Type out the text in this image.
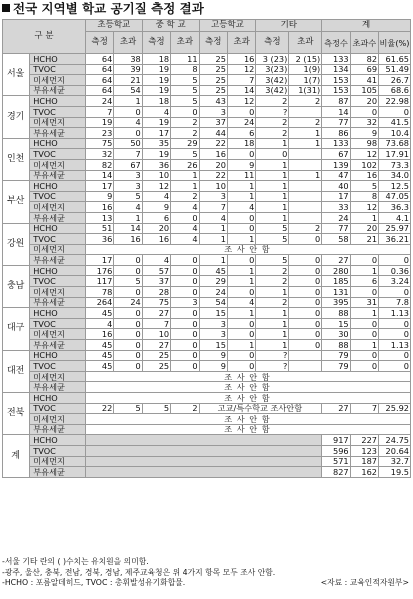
전국 지역별 학교 공기질 측정 결과
구 분		초등학교		중 학 교		고등학교		기타		계		
		측정	초과	측정	초과	측정	초과	측정	초과	측정수	초과수	비율(%)
서울	HCHO	64	38	18	11	25	16	3 (23)	2 (15)	133	82	61.65
	TVOC	64	39	19	8	25	12	3(23)	1(9)	134	69	51.49
	미세먼지	64	21	19	5	25	7	3(42)	1(7)	153	41	26.7
	부유세균	64	54	19	5	25	14	3(42)	1(31)	153	105	68.6
경기	HCHO	24	1	18	5	43	12	2	2	87	20	22.98
	TVOC	7	0	4	0	3	0	?		14	0	0
	미세먼지	19	4	19	2	37	24	2	2	77	32	41.5
	부유세균	23	0	17	2	44	6	2	1	86	9	10.4
인천	HCHO	75	50	35	29	22	18	1	1	133	98	73.68
	TVOC	32	7	19	5	16	0	0		67	12	17.91
	미세먼지	82	67	36	26	20	9	1		139	102	73.3
	부유세균	14	3	10	1	22	11	1	1	47	16	34.0
부산	HCHO	17	3	12	1	10	1	1		40	5	12.5
	TVOC	9	5	4	2	3	1	1		17	8	47.05
	미세먼지	16	4	9	4	7	4	1		33	12	36.3
	부유세균	13	1	6	0	4	0	1		24	1	4.1
강원	HCHO	51	14	20	4	1	0	5	2	77	20	25.97
	TVOC	36	16	16	4	1	1	5	0	58	21	36.21
	미세먼지	조 사 안 함										
	부유세균	17	0	4	0	1	0	5	0	27	0	0
충남	HCHO	176	0	57	0	45	1	2	0	280	1	0.36
	TVOC	117	5	37	0	29	1	2	0	185	6	3.24
	미세먼지	78	0	28	0	24	0	1	0	131	0	0
	부유세균	264	24	75	3	54	4	2	0	395	31	7.8
대구	HCHO	45	0	27	0	15	1	1	0	88	1	1.13
	TVOC	4	0	7	0	3	0	1	0	15	0	0
	미세먼지	16	0	10	0	3	0	1	0	30	0	0
	부유세균	45	0	27	0	15	1	1	0	88	1	1.13
대전	HCHO	45	0	25	0	9	0	?		79	0	0
	TVOC	45	0	25	0	9	0	?		79	0	0
	미세먼지	조 사 안 함										
	부유세균	조 사 안 함										
전북	HCHO	조 사 안 함										
	TVOC	22	5	5	2	고교/특수학교 조사안함				27	7	25.92
	미세먼지	조 사 안 함										
	부유세균	조 사 안 함										
계	HCHO									917	227	24.75
	TVOC									596	123	20.64
	미세먼지									571	187	32.7
	부유세균									827	162	19.5
-서울 기타 란의 ( )수치는 유치원을 의미함.
-광주, 울산, 충북, 전남, 경북, 경남, 제주교육청은 위 4가지 항목 모두 조사 안함.
-HCHO : 포름알데히드, TVOC : 총휘발성유기화합물.	<자료 : 교육인적자원부>
